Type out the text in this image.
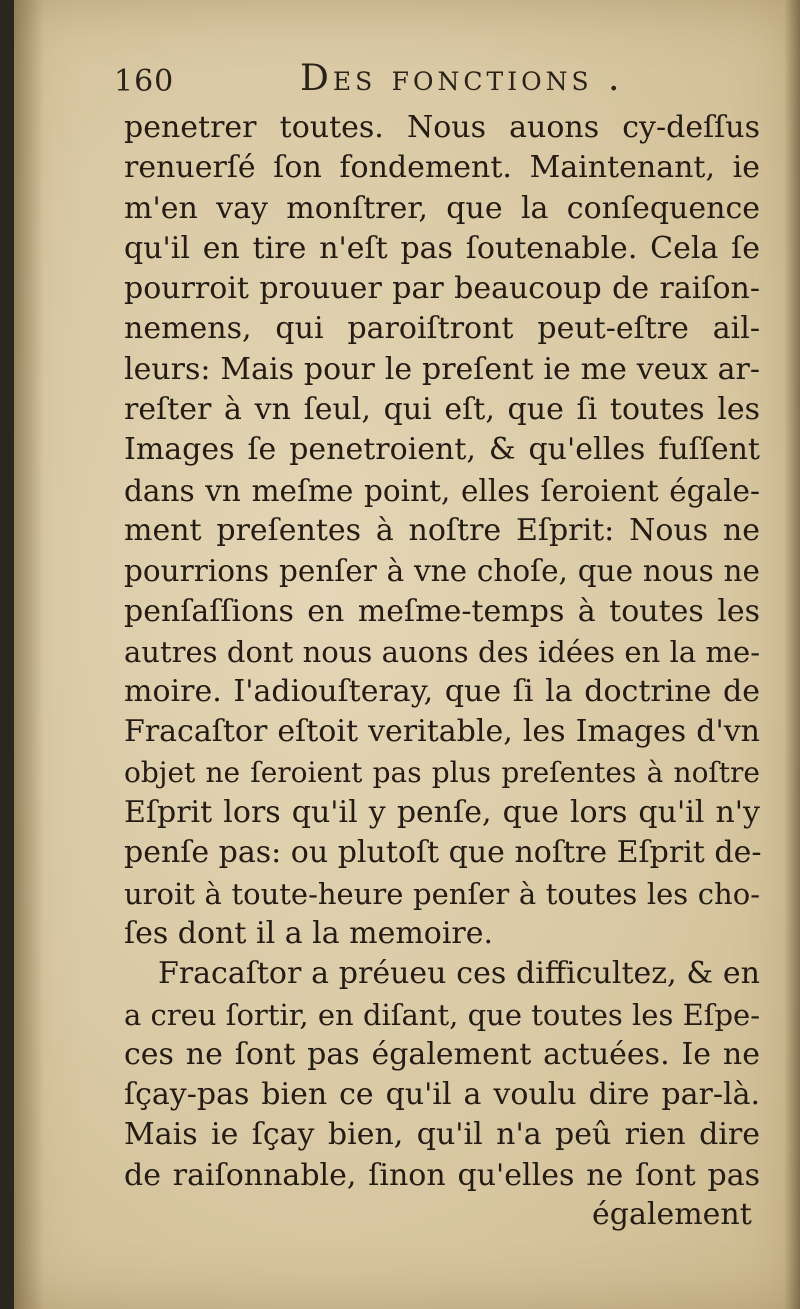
160	Des fonctions .
penetrer toutes. Nous auons cy-deſſus
renuerſé ſon fondement. Maintenant, ie
m'en vay monſtrer, que la conſequence
qu'il en tire n'eſt pas ſoutenable. Cela ſe
pourroit prouuer par beaucoup de raiſon-
nemens, qui paroiſtront peut-eſtre ail-
leurs: Mais pour le preſent ie me veux ar-
reſter à vn ſeul, qui eſt, que ſi toutes les
Images ſe penetroient, & qu'elles fuſſent
dans vn meſme point, elles ſeroient égale-
ment preſentes à noſtre Eſprit: Nous ne
pourrions penſer à vne choſe, que nous ne
penſaſſions en meſme-temps à toutes les
autres dont nous auons des idées en la me-
moire. I'adiouſteray, que ſi la doctrine de
Fracaſtor eſtoit veritable, les Images d'vn
objet ne ſeroient pas plus preſentes à noſtre
Eſprit lors qu'il y penſe, que lors qu'il n'y
penſe pas: ou plutoſt que noſtre Eſprit de-
uroit à toute-heure penſer à toutes les cho-
ſes dont il a la memoire.
Fracaſtor a préueu ces difficultez, & en
a creu ſortir, en diſant, que toutes les Eſpe-
ces ne ſont pas également actuées. Ie ne
ſçay-pas bien ce qu'il a voulu dire par-là.
Mais ie ſçay bien, qu'il n'a peû rien dire
de raiſonnable, ſinon qu'elles ne ſont pas
également
